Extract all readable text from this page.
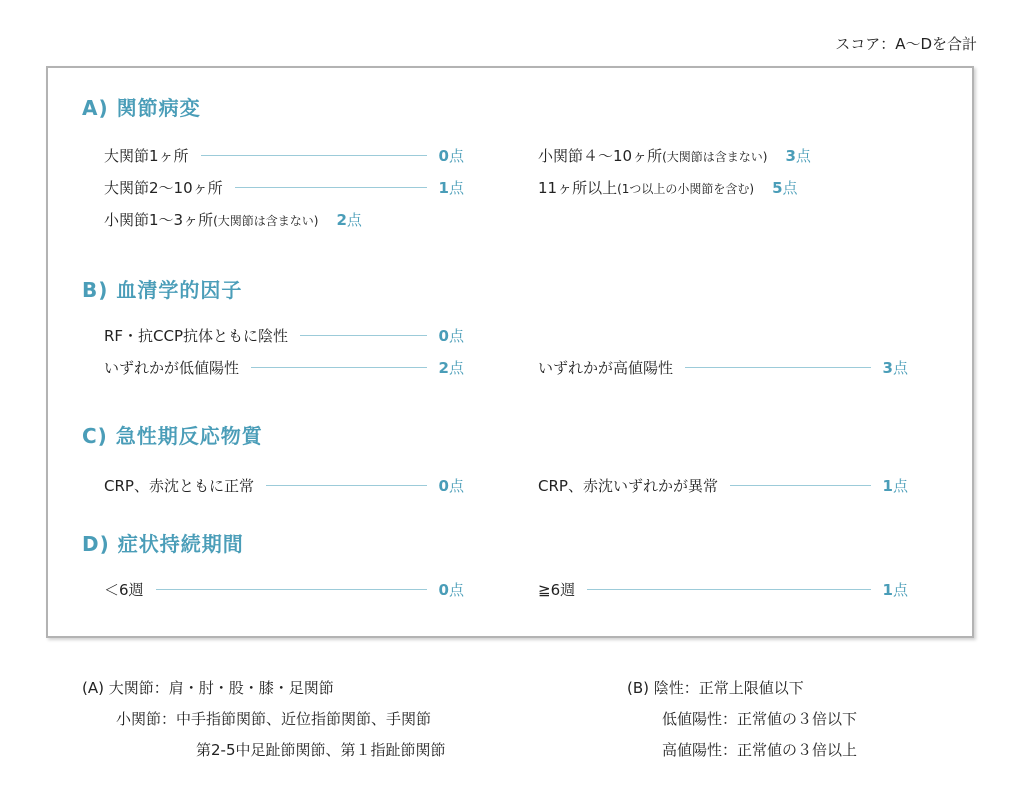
スコア：A〜Dを合計
A) 関節病変
大関節1ヶ所	0点
大関節2〜10ヶ所	1点
小関節1〜3ヶ所(大関節は含まない) 2点
小関節４〜10ヶ所(大関節は含まない) 3点
11ヶ所以上(1つ以上の小関節を含む) 5点
B) 血清学的因子
RF・抗CCP抗体ともに陰性	0点
いずれかが低値陽性	2点	いずれかが高値陽性	3点
C) 急性期反応物質
CRP、赤沈ともに正常	0点	CRP、赤沈いずれかが異常	1点
D) 症状持続期間
＜6週	0点	≧6週	1点
(A) 大関節：肩・肘・股・膝・足関節
小関節：中手指節関節、近位指節関節、手関節
第2-5中足趾節関節、第１指趾節関節
(B) 陰性：正常上限値以下
低値陽性：正常値の３倍以下
高値陽性：正常値の３倍以上
